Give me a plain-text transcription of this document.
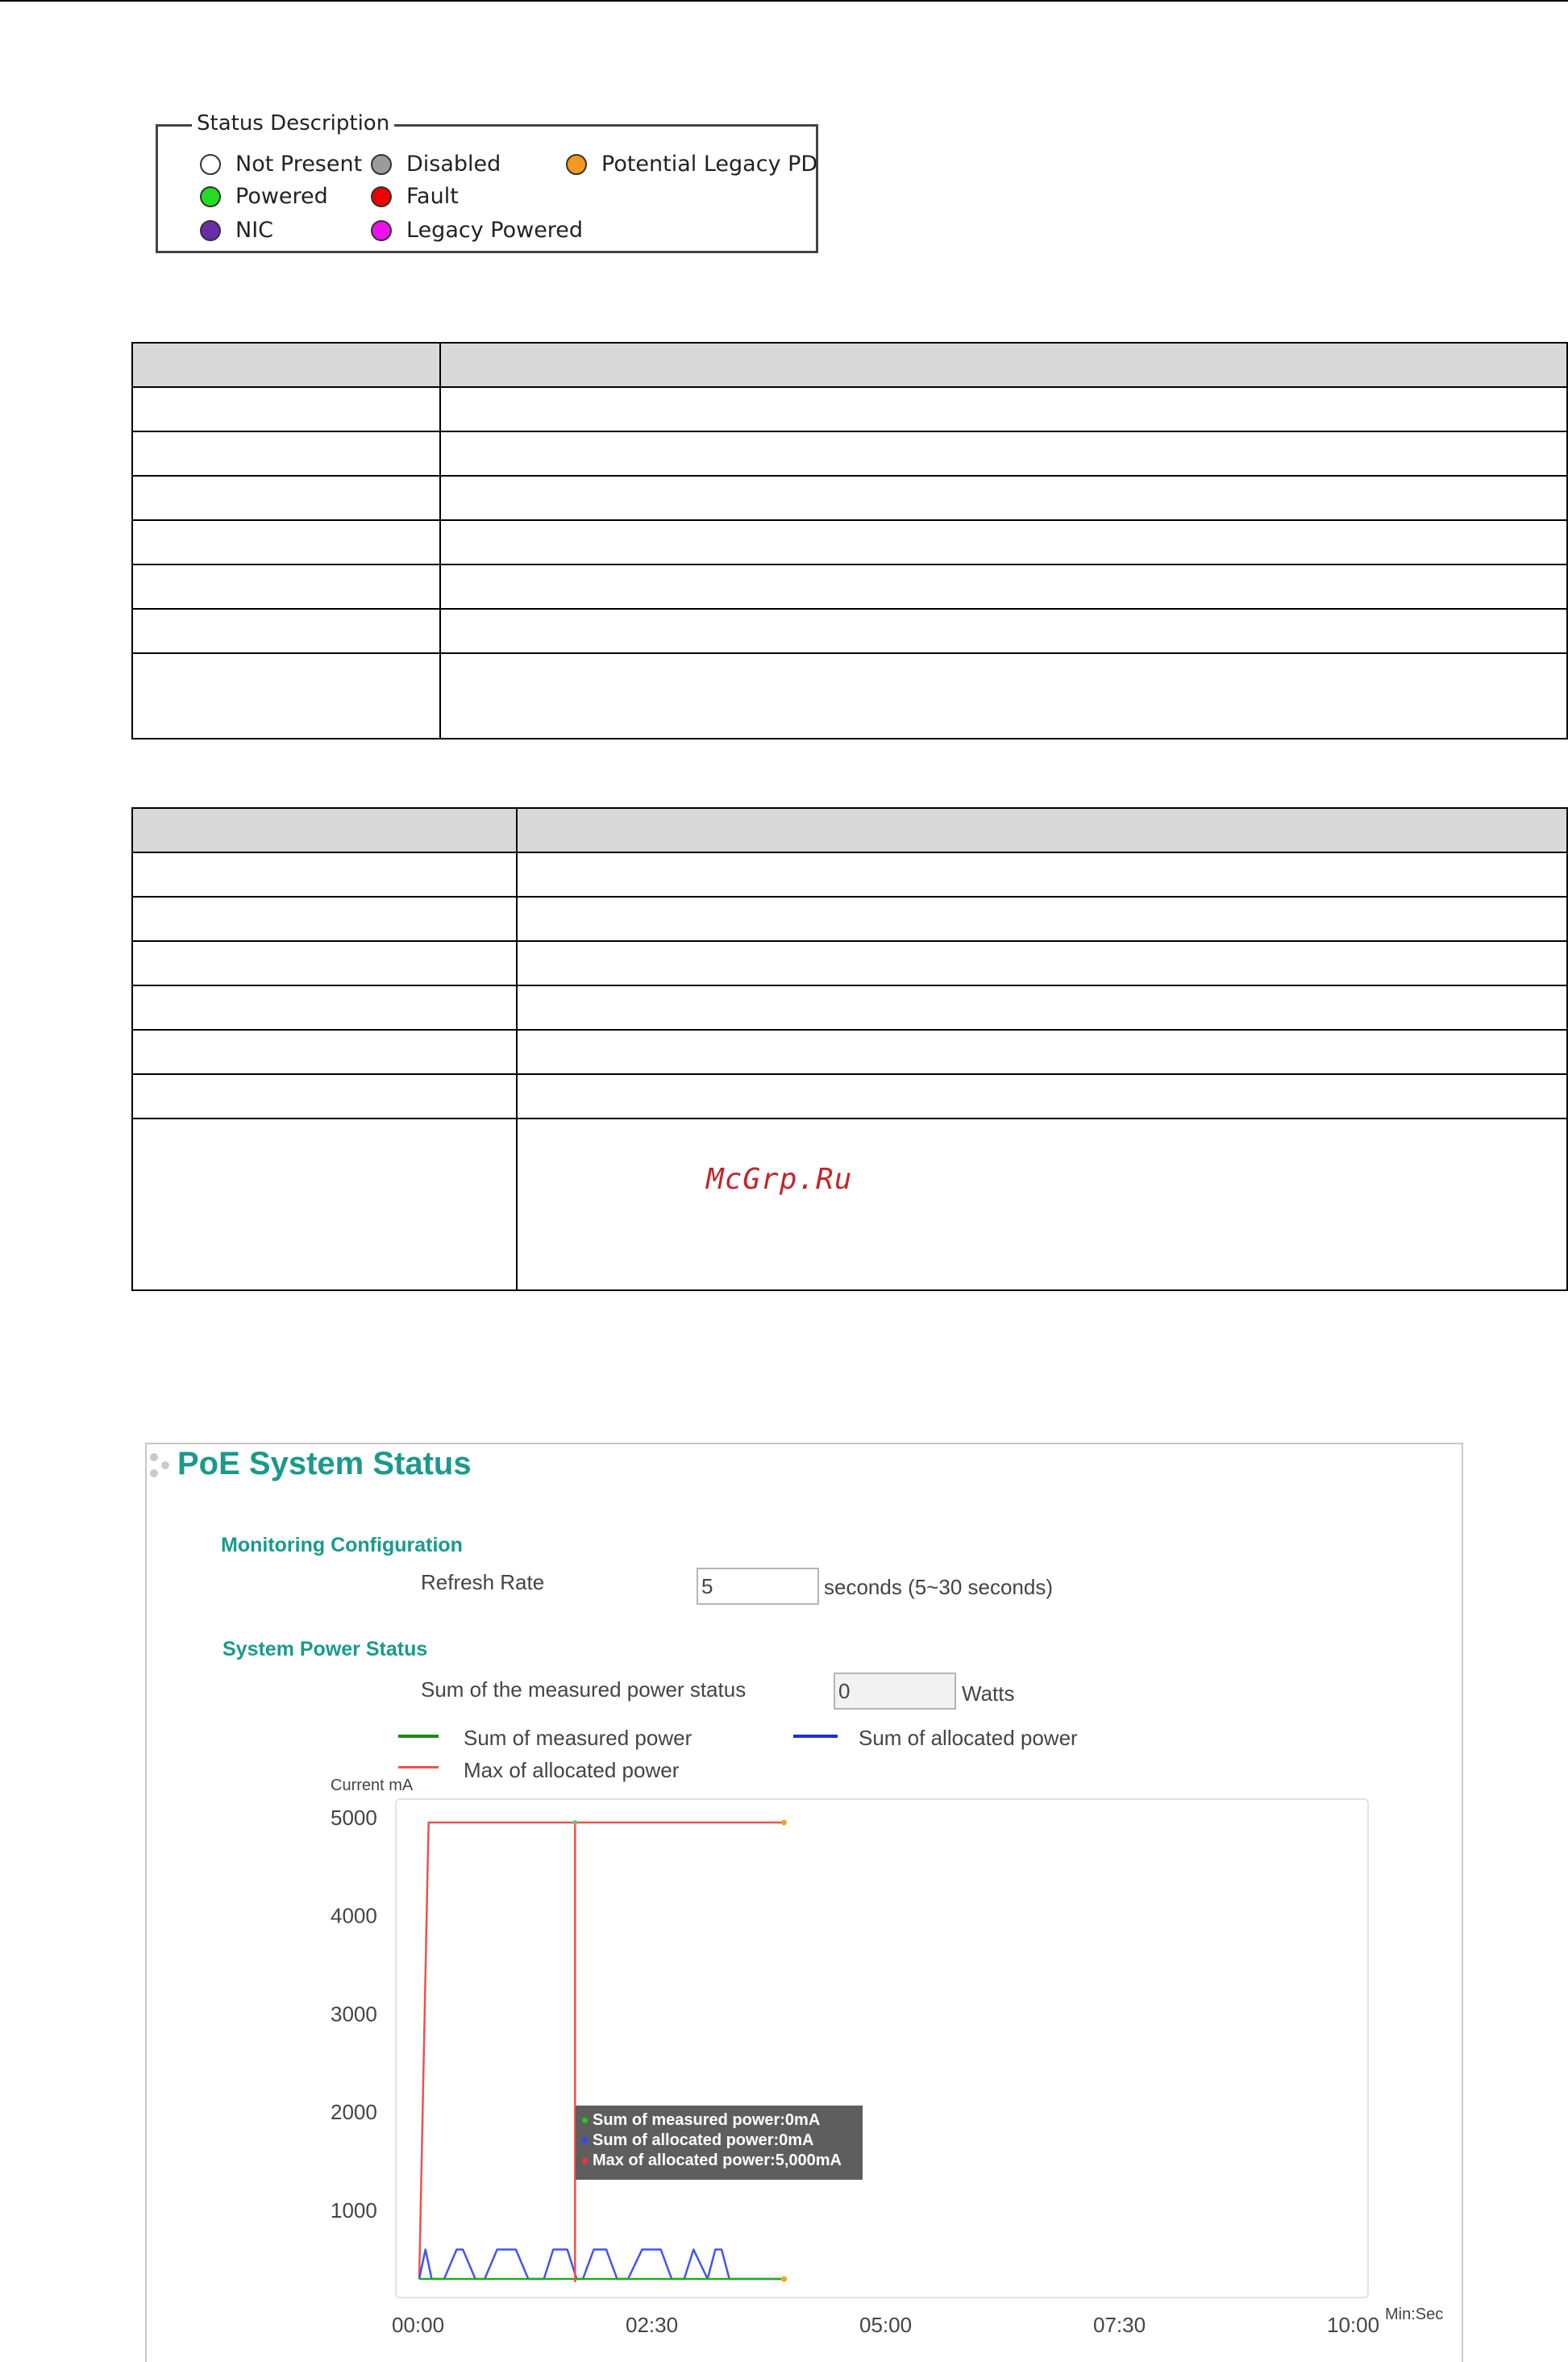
Status Description
Not Present Disabled	Potential Legacy PD
Powered	Fault
NIC	Legacy Powered

McGrp.Ru
PoE System Status
Monitoring Configuration
Refresh Rate	5	seconds (5~30 seconds)
System Power Status
Sum of the measured power status	0	Watts
Sum of measured power	Sum of allocated power
Max of allocated power
5000
4000
3000
2000
1000
00:00	02:30	05:00	07:30	10:00
Current mA
Min:Sec
Sum of measured power:0mA
Sum of allocated power:0mA
Max of allocated power:5,000mA
